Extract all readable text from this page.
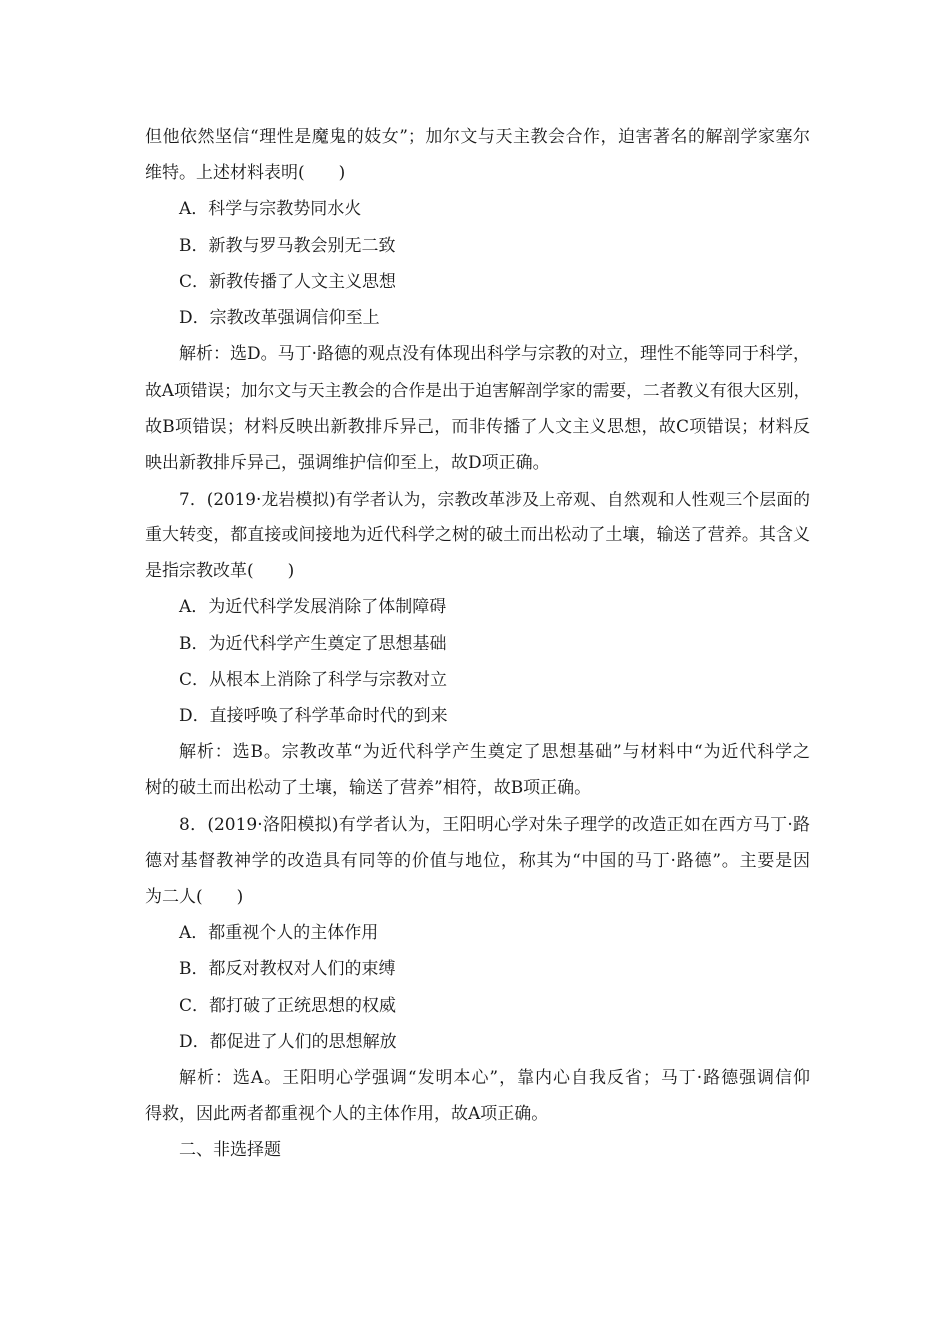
但他依然坚信“理性是魔鬼的妓女”；加尔文与天主教会合作，迫害著名的解剖学家塞尔
维特。上述材料表明(　　)
A．科学与宗教势同水火
B．新教与罗马教会别无二致
C．新教传播了人文主义思想
D．宗教改革强调信仰至上
解析：选D。马丁·路德的观点没有体现出科学与宗教的对立，理性不能等同于科学，
故A项错误；加尔文与天主教会的合作是出于迫害解剖学家的需要，二者教义有很大区别，
故B项错误；材料反映出新教排斥异己，而非传播了人文主义思想，故C项错误；材料反
映出新教排斥异己，强调维护信仰至上，故D项正确。
7．(2019·龙岩模拟)有学者认为，宗教改革涉及上帝观、自然观和人性观三个层面的
重大转变，都直接或间接地为近代科学之树的破土而出松动了土壤，输送了营养。其含义
是指宗教改革(　　)
A．为近代科学发展消除了体制障碍
B．为近代科学产生奠定了思想基础
C．从根本上消除了科学与宗教对立
D．直接呼唤了科学革命时代的到来
解析：选B。宗教改革“为近代科学产生奠定了思想基础”与材料中“为近代科学之
树的破土而出松动了土壤，输送了营养”相符，故B项正确。
8．(2019·洛阳模拟)有学者认为，王阳明心学对朱子理学的改造正如在西方马丁·路
德对基督教神学的改造具有同等的价值与地位，称其为“中国的马丁·路德”。主要是因
为二人(　　)
A．都重视个人的主体作用
B．都反对教权对人们的束缚
C．都打破了正统思想的权威
D．都促进了人们的思想解放
解析：选A。王阳明心学强调“发明本心”，靠内心自我反省；马丁·路德强调信仰
得救，因此两者都重视个人的主体作用，故A项正确。
二、非选择题
